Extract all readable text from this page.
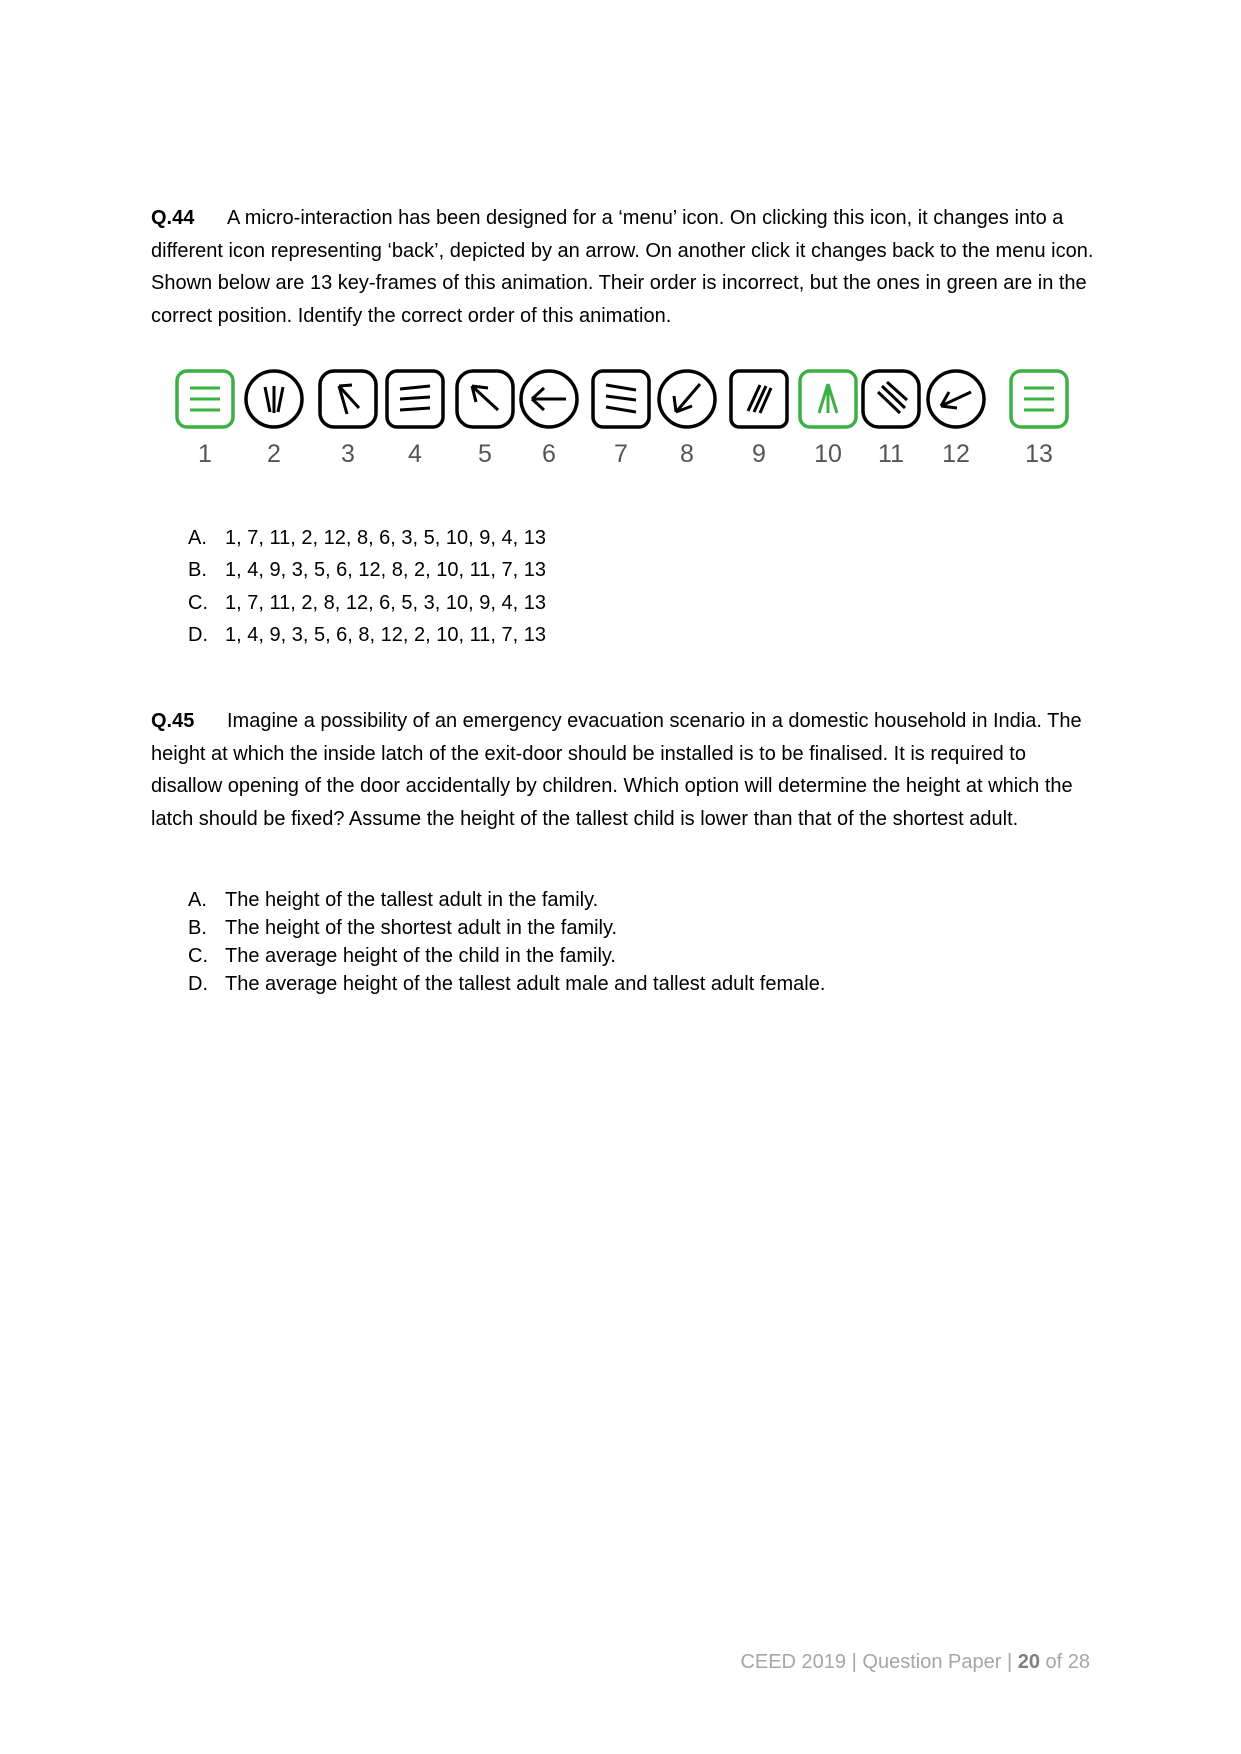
Q.44 A micro-interaction has been designed for a ‘menu’ icon. On clicking this icon, it changes into a different icon representing ‘back’, depicted by an arrow. On another click it changes back to the menu icon. Shown below are 13 key-frames of this animation. Their order is incorrect, but the ones in green are in the correct position. Identify the correct order of this animation.
1	2	3	4	5	6	7	8	9	10	11	12	13
A. 1, 7, 11, 2, 12, 8, 6, 3, 5, 10, 9, 4, 13
B. 1, 4, 9, 3, 5, 6, 12, 8, 2, 10, 11, 7, 13
C. 1, 7, 11, 2, 8, 12, 6, 5, 3, 10, 9, 4, 13
D. 1, 4, 9, 3, 5, 6, 8, 12, 2, 10, 11, 7, 13
Q.45 Imagine a possibility of an emergency evacuation scenario in a domestic household in India. The height at which the inside latch of the exit-door should be installed is to be finalised. It is required to disallow opening of the door accidentally by children. Which option will determine the height at which the latch should be fixed? Assume the height of the tallest child is lower than that of the shortest adult.
A. The height of the tallest adult in the family.
B. The height of the shortest adult in the family.
C. The average height of the child in the family.
D. The average height of the tallest adult male and tallest adult female.
CEED 2019 | Question Paper | 20 of 28
